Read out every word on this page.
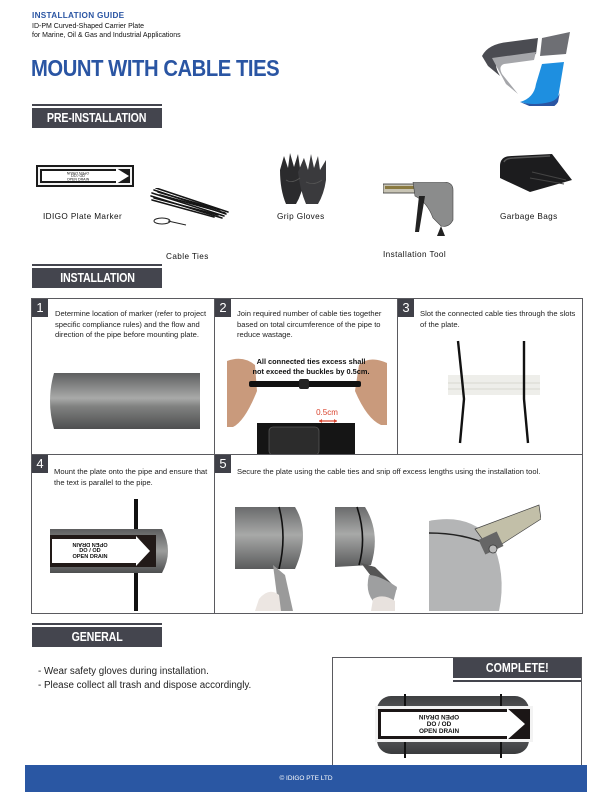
INSTALLATION GUIDE
ID-PM Curved-Shaped Carrier Plate
for Marine, Oil & Gas and Industrial Applications
MOUNT WITH CABLE TIES
PRE-INSTALLATION
OPEN DRAIN
DO / OD
OPEN DRAIN
IDIGO Plate Marker
Cable Ties
Grip Gloves
Installation Tool
Garbage Bags
INSTALLATION
1	Determine location of marker (refer to project specific compliance rules) and the flow and direction of the pipe before mounting plate.
2	Join required number of cable ties together based on total circumference of the pipe to reduce wastage.
0.5cm
All connected ties excess shall not exceed the buckles by 0.5cm.
3	Slot the connected cable ties through the slots of the plate.
4
Mount the plate onto the pipe and ensure that the text is parallel to the pipe.
OPEN DRAIN
DO / OD
OPEN DRAIN
5
Secure the plate using the cable ties and snip off excess lengths using the installation tool.
GENERAL
- Wear safety gloves during installation.
- Please collect all trash and dispose accordingly.
COMPLETE!
OPEN DRAIN
DO / OD
OPEN DRAIN
© IDIGO PTE LTD
